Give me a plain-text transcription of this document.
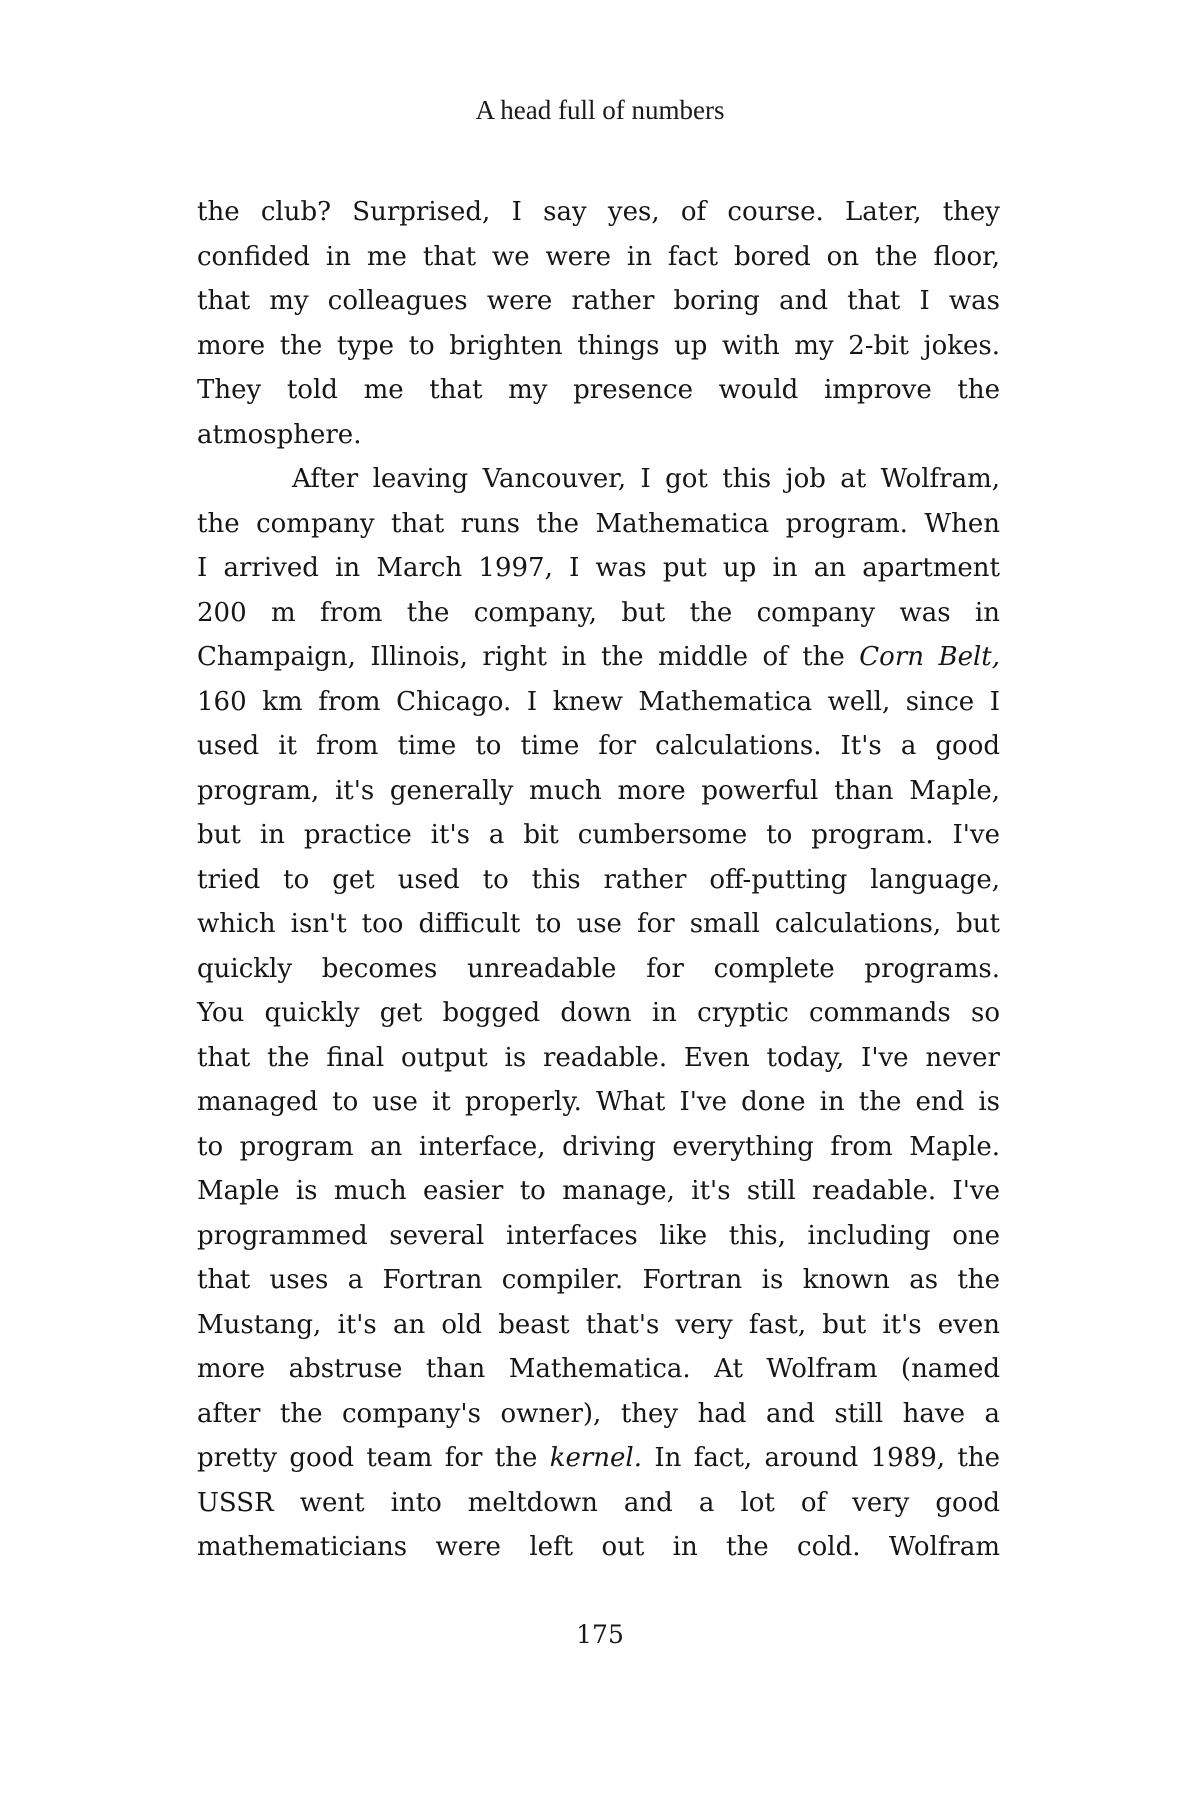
A head full of numbers
the club? Surprised, I say yes, of course. Later, they
confided in me that we were in fact bored on the floor,
that my colleagues were rather boring and that I was
more the type to brighten things up with my 2-bit jokes.
They told me that my presence would improve the
atmosphere.
After leaving Vancouver, I got this job at Wolfram,
the company that runs the Mathematica program. When
I arrived in March 1997, I was put up in an apartment
200 m from the company, but the company was in
Champaign, Illinois, right in the middle of the Corn Belt,
160 km from Chicago. I knew Mathematica well, since I
used it from time to time for calculations. It's a good
program, it's generally much more powerful than Maple,
but in practice it's a bit cumbersome to program. I've
tried to get used to this rather off-putting language,
which isn't too difficult to use for small calculations, but
quickly becomes unreadable for complete programs.
You quickly get bogged down in cryptic commands so
that the final output is readable. Even today, I've never
managed to use it properly. What I've done in the end is
to program an interface, driving everything from Maple.
Maple is much easier to manage, it's still readable. I've
programmed several interfaces like this, including one
that uses a Fortran compiler. Fortran is known as the
Mustang, it's an old beast that's very fast, but it's even
more abstruse than Mathematica. At Wolfram (named
after the company's owner), they had and still have a
pretty good team for the kernel. In fact, around 1989, the
USSR went into meltdown and a lot of very good
mathematicians were left out in the cold. Wolfram
175
